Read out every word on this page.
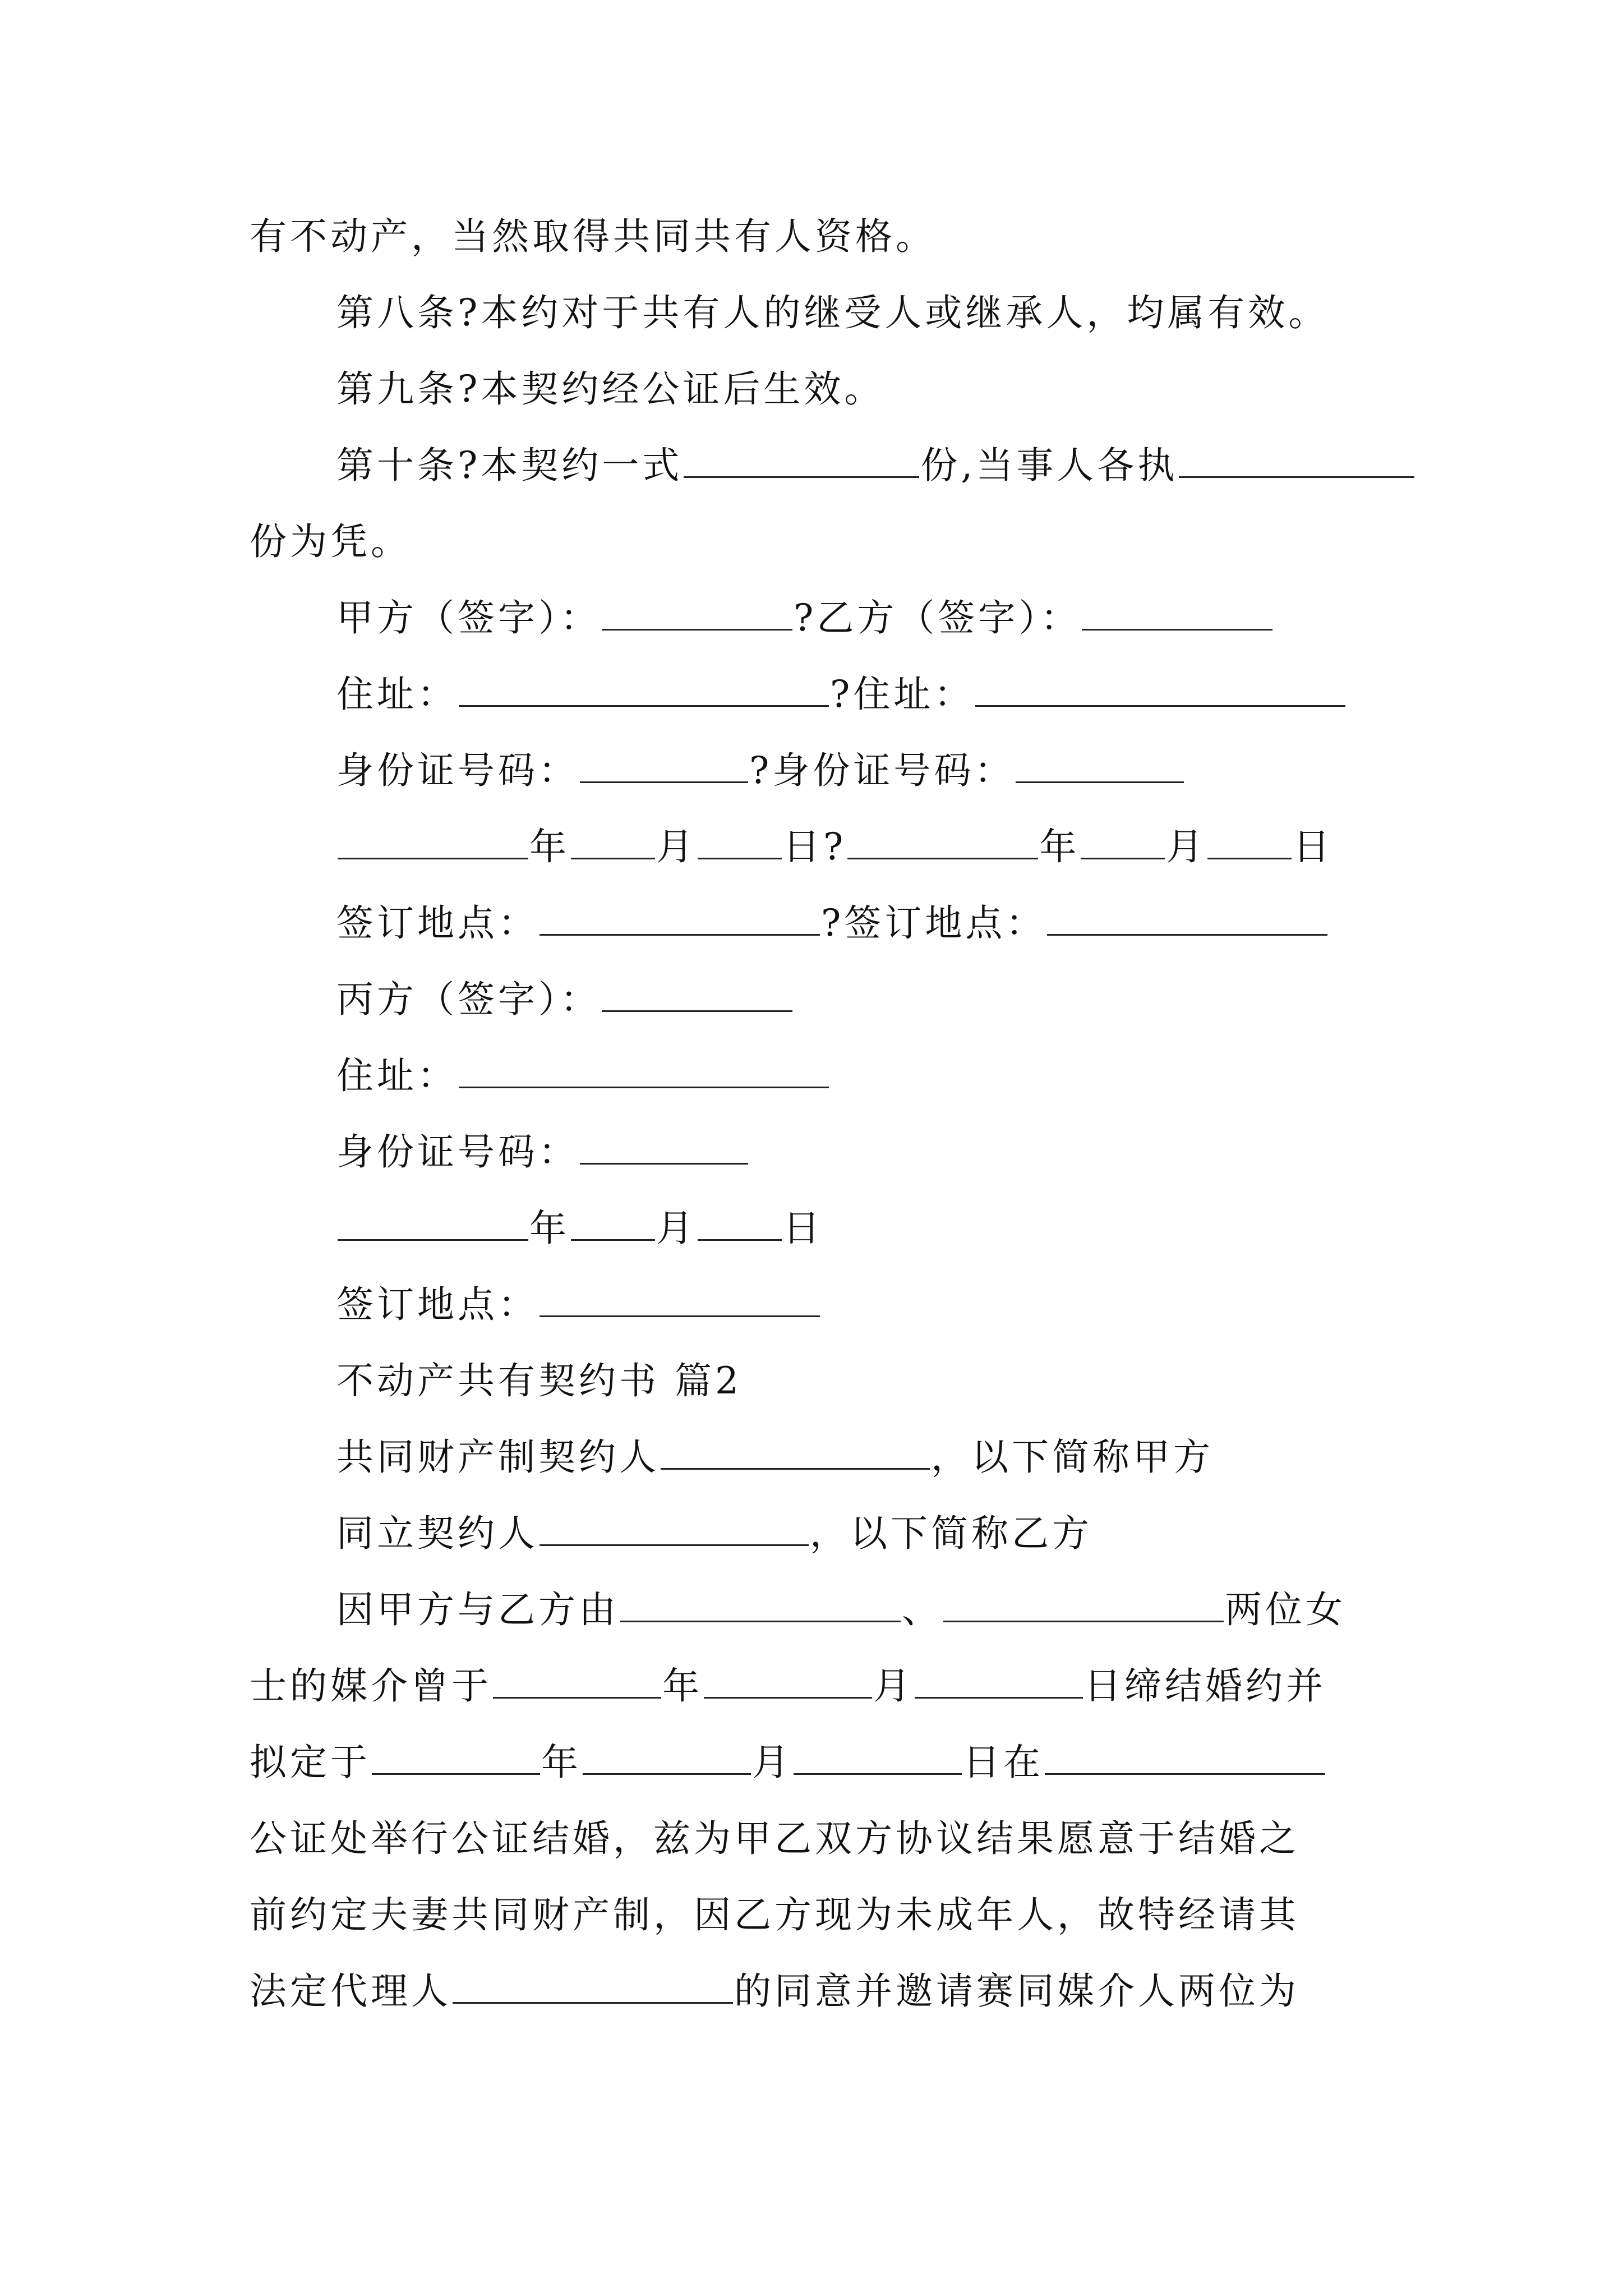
有不动产，当然取得共同共有人资格。
第八条?本约对于共有人的继受人或继承人，均属有效。
第九条?本契约经公证后生效。
第十条?本契约一式	份,当事人各执
份为凭。
甲方（签字）：	?乙方（签字）：
住址：	?住址：
身份证号码：	?身份证号码：
年 月 日?	年 月 日
签订地点：	?签订地点：
丙方（签字）：
住址：
身份证号码：
年 月 日
签订地点：
不动产共有契约书 篇2
共同财产制契约人	，以下简称甲方
同立契约人	，以下简称乙方
因甲方与乙方由	、	两位女
士的媒介曾于	年	月	日缔结婚约并
拟定于	年	月	日在
公证处举行公证结婚，兹为甲乙双方协议结果愿意于结婚之
前约定夫妻共同财产制，因乙方现为未成年人，故特经请其
法定代理人	的同意并邀请赛同媒介人两位为
